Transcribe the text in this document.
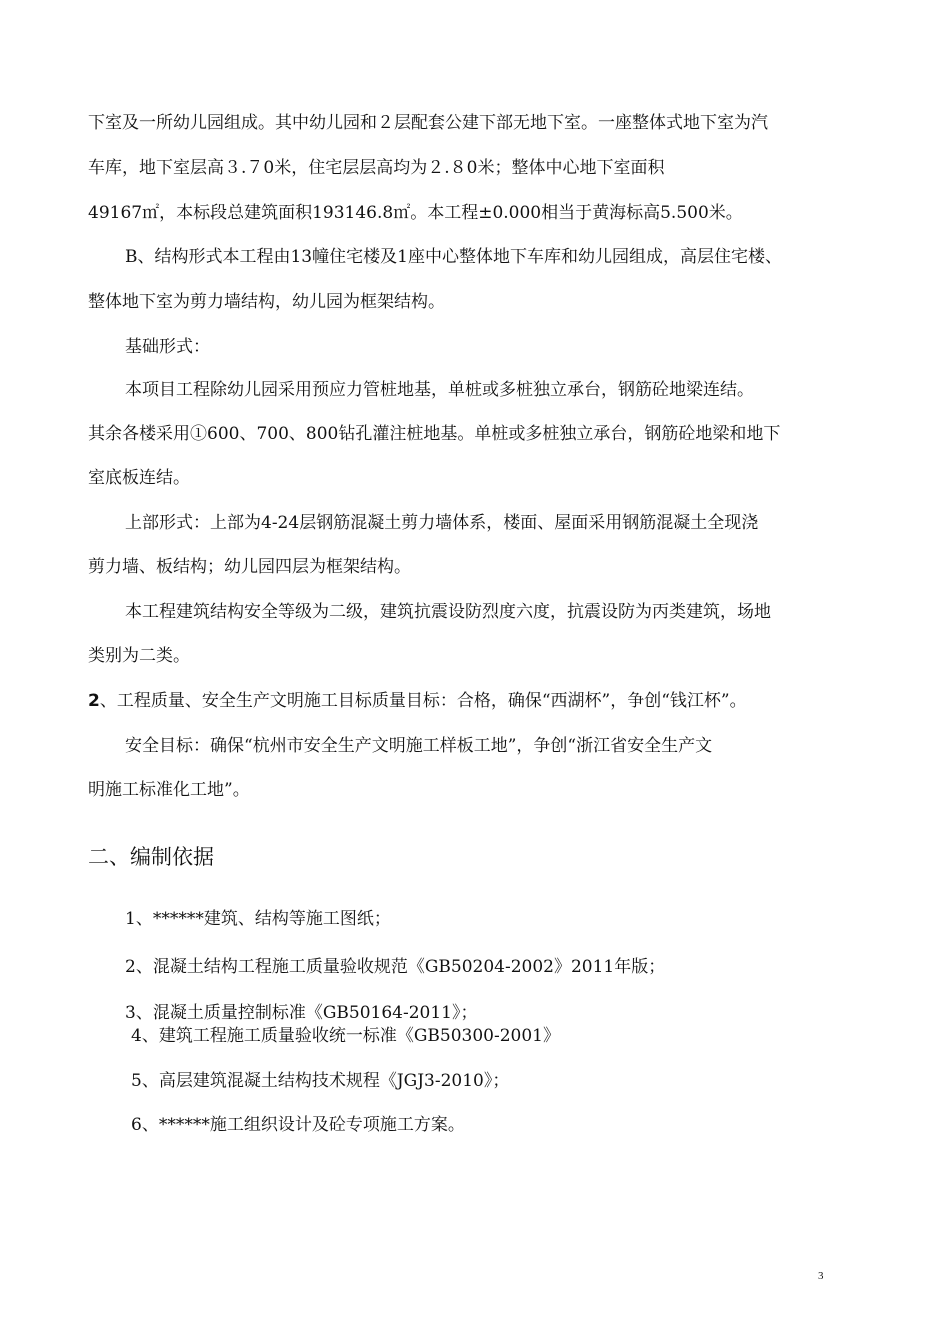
下室及一所幼儿园组成。其中幼儿园和２层配套公建下部无地下室。一座整体式地下室为汽
车库，地下室层高３.７0米，住宅层层高均为２.８0米；整体中心地下室面积
49167㎡，本标段总建筑面积193146.8㎡。本工程±0.000相当于黄海标高5.500米。
B、结构形式本工程由13幢住宅楼及1座中心整体地下车库和幼儿园组成，高层住宅楼、
整体地下室为剪力墙结构，幼儿园为框架结构。
基础形式：
本项目工程除幼儿园采用预应力管桩地基，单桩或多桩独立承台，钢筋砼地梁连结。
其余各楼采用①600、700、800钻孔灌注桩地基。单桩或多桩独立承台，钢筋砼地梁和地下
室底板连结。
上部形式：上部为4-24层钢筋混凝土剪力墙体系，楼面、屋面采用钢筋混凝土全现浇
剪力墙、板结构；幼儿园四层为框架结构。
本工程建筑结构安全等级为二级，建筑抗震设防烈度六度，抗震设防为丙类建筑，场地
类别为二类。
2、工程质量、安全生产文明施工目标质量目标：合格，确保“西湖杯”，争创“钱江杯”。
安全目标：确保“杭州市安全生产文明施工样板工地”，争创“浙江省安全生产文
明施工标准化工地”。
二、编制依据
1、******建筑、结构等施工图纸；
2、混凝土结构工程施工质量验收规范《GB50204-2002》2011年版；
3、混凝土质量控制标准《GB50164-2011》；
4、建筑工程施工质量验收统一标准《GB50300-2001》
5、高层建筑混凝土结构技术规程《JGJ3-2010》；
6、******施工组织设计及砼专项施工方案。
3
